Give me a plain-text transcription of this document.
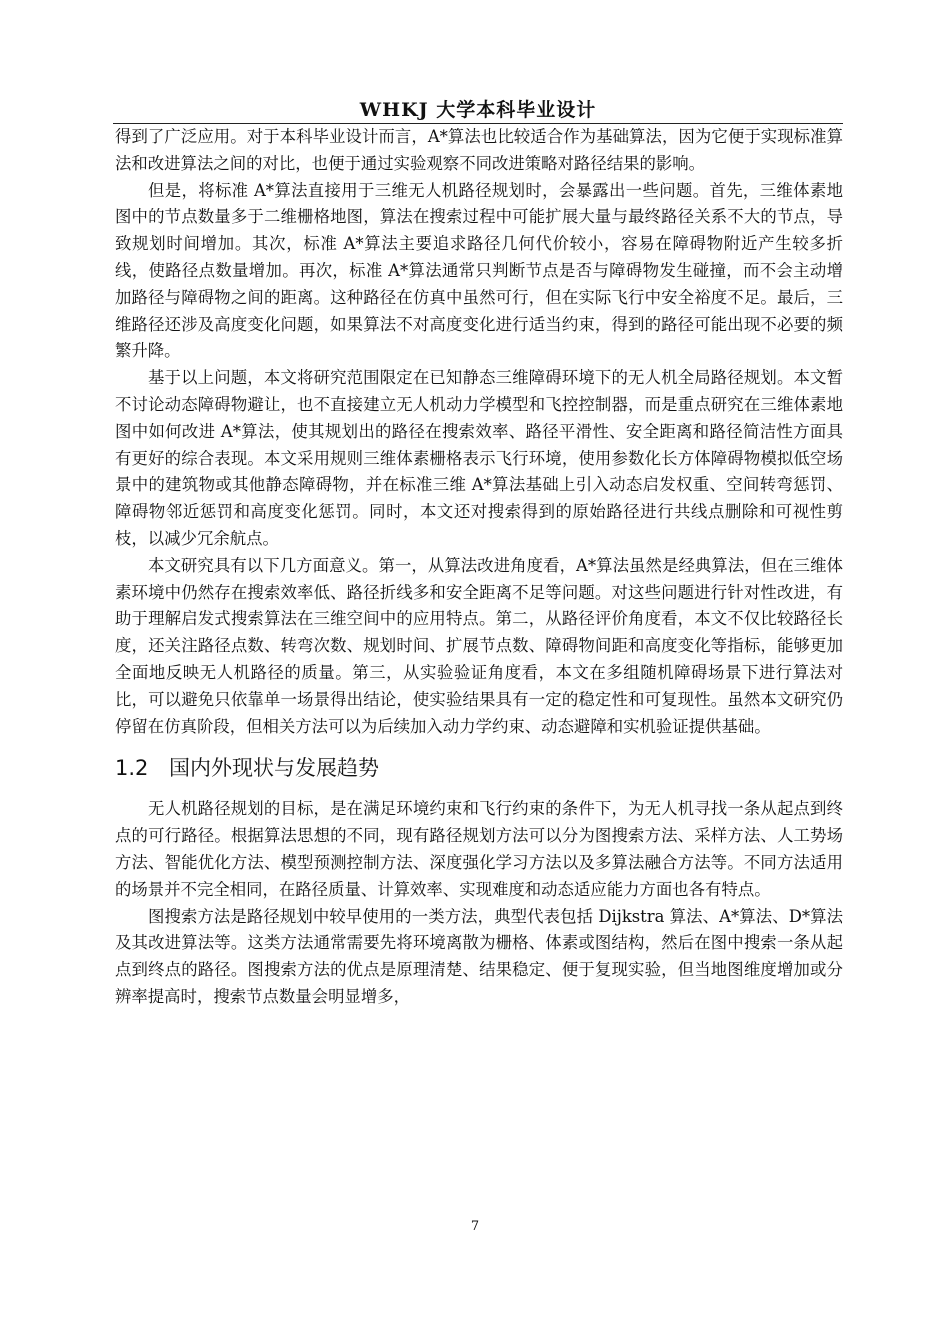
WHKJ 大学本科毕业设计

得到了广泛应用。对于本科毕业设计而言，A*算法也比较适合作为基础算法，因为它便于实现标准算法和改进算法之间的对比，也便于通过实验观察不同改进策略对路径结果的影响。

但是，将标准 A*算法直接用于三维无人机路径规划时，会暴露出一些问题。首先，三维体素地图中的节点数量多于二维栅格地图，算法在搜索过程中可能扩展大量与最终路径关系不大的节点，导致规划时间增加。其次，标准 A*算法主要追求路径几何代价较小，容易在障碍物附近产生较多折线，使路径点数量增加。再次，标准 A*算法通常只判断节点是否与障碍物发生碰撞，而不会主动增加路径与障碍物之间的距离。这种路径在仿真中虽然可行，但在实际飞行中安全裕度不足。最后，三维路径还涉及高度变化问题，如果算法不对高度变化进行适当约束，得到的路径可能出现不必要的频繁升降。

基于以上问题，本文将研究范围限定在已知静态三维障碍环境下的无人机全局路径规划。本文暂不讨论动态障碍物避让，也不直接建立无人机动力学模型和飞控控制器，而是重点研究在三维体素地图中如何改进 A*算法，使其规划出的路径在搜索效率、路径平滑性、安全距离和路径简洁性方面具有更好的综合表现。本文采用规则三维体素栅格表示飞行环境，使用参数化长方体障碍物模拟低空场景中的建筑物或其他静态障碍物，并在标准三维 A*算法基础上引入动态启发权重、空间转弯惩罚、障碍物邻近惩罚和高度变化惩罚。同时，本文还对搜索得到的原始路径进行共线点删除和可视性剪枝，以减少冗余航点。

本文研究具有以下几方面意义。第一，从算法改进角度看，A*算法虽然是经典算法，但在三维体素环境中仍然存在搜索效率低、路径折线多和安全距离不足等问题。对这些问题进行针对性改进，有助于理解启发式搜索算法在三维空间中的应用特点。第二，从路径评价角度看，本文不仅比较路径长度，还关注路径点数、转弯次数、规划时间、扩展节点数、障碍物间距和高度变化等指标，能够更加全面地反映无人机路径的质量。第三，从实验验证角度看，本文在多组随机障碍场景下进行算法对比，可以避免只依靠单一场景得出结论，使实验结果具有一定的稳定性和可复现性。虽然本文研究仍停留在仿真阶段，但相关方法可以为后续加入动力学约束、动态避障和实机验证提供基础。

1.2 国内外现状与发展趋势

无人机路径规划的目标，是在满足环境约束和飞行约束的条件下，为无人机寻找一条从起点到终点的可行路径。根据算法思想的不同，现有路径规划方法可以分为图搜索方法、采样方法、人工势场方法、智能优化方法、模型预测控制方法、深度强化学习方法以及多算法融合方法等。不同方法适用的场景并不完全相同，在路径质量、计算效率、实现难度和动态适应能力方面也各有特点。

图搜索方法是路径规划中较早使用的一类方法，典型代表包括 Dijkstra 算法、A*算法、D*算法及其改进算法等。这类方法通常需要先将环境离散为栅格、体素或图结构，然后在图中搜索一条从起点到终点的路径。图搜索方法的优点是原理清楚、结果稳定、便于复现实验，但当地图维度增加或分辨率提高时，搜索节点数量会明显增多，

7
